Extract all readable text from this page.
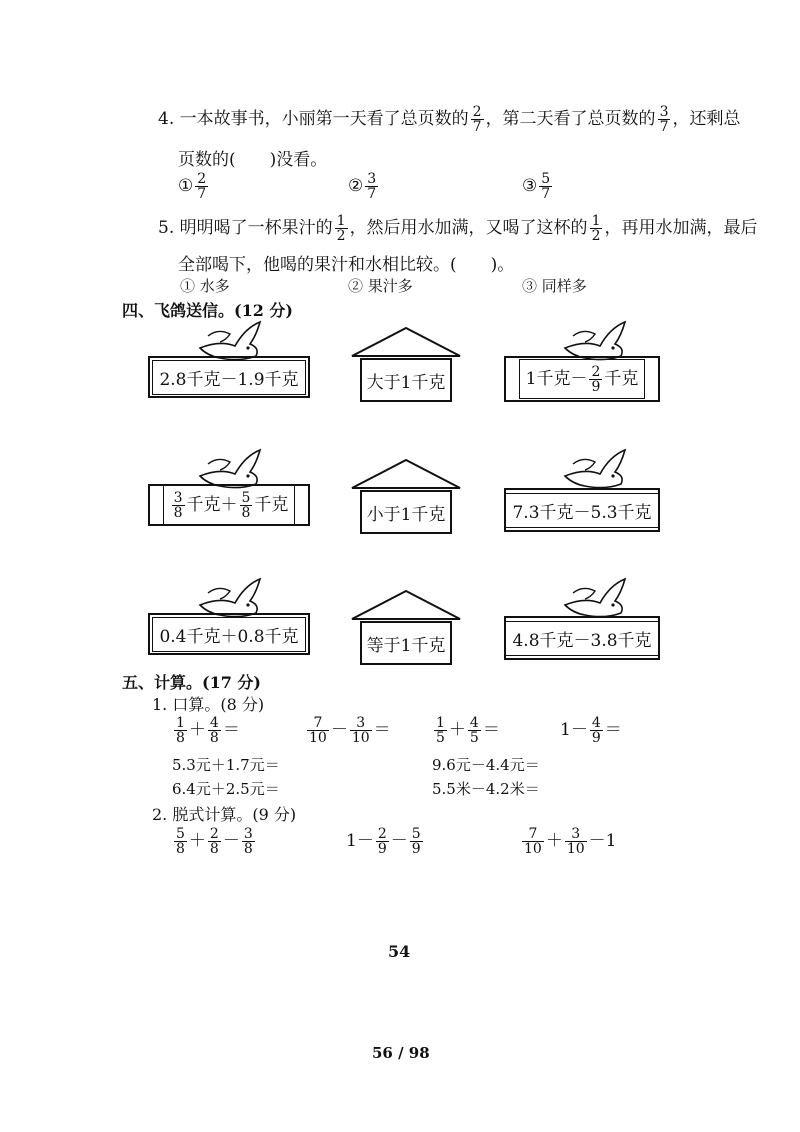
4. 一本故事书，小丽第一天看了总页数的 $\frac{2}{7}$ ，第二天看了总页数的 $\frac{3}{7}$ ，还剩总
页数的(　　)没看。
① $\frac{2}{7}$	② $\frac{3}{7}$	③ $\frac{5}{7}$
5. 明明喝了一杯果汁的 $\frac{1}{2}$ ，然后用水加满，又喝了这杯的 $\frac{1}{2}$ ，再用水加满，最后
全部喝下，他喝的果汁和水相比较。(　　)。
① 水多	② 果汁多	③ 同样多
四、飞鸽送信。(12 分)
2.8千克－1.9千克
$\frac{3}{8}$ 千克＋ $\frac{5}{8}$ 千克
0.4千克＋0.8千克
大于1千克
小于1千克
等于1千克
1千克－ $\frac{2}{9}$ 千克
7.3千克－5.3千克
4.8千克－3.8千克
五、计算。(17 分)
1. 口算。(8 分)
$\frac{1}{8} + \frac{4}{8}$ ＝	$\frac{7}{10} - \frac{3}{10}$ ＝	$\frac{1}{5} + \frac{4}{5}$ ＝	$1- \frac{4}{9}$ ＝
5.3元＋1.7元＝	9.6元－4.4元＝
6.4元＋2.5元＝	5.5米－4.2米＝
2. 脱式计算。(9 分)
$\frac{5}{8} + \frac{2}{8} - \frac{3}{8}$	$1- \frac{2}{9} - \frac{5}{9}$	$\frac{7}{10} + \frac{3}{10} -1$
54
56 / 98
